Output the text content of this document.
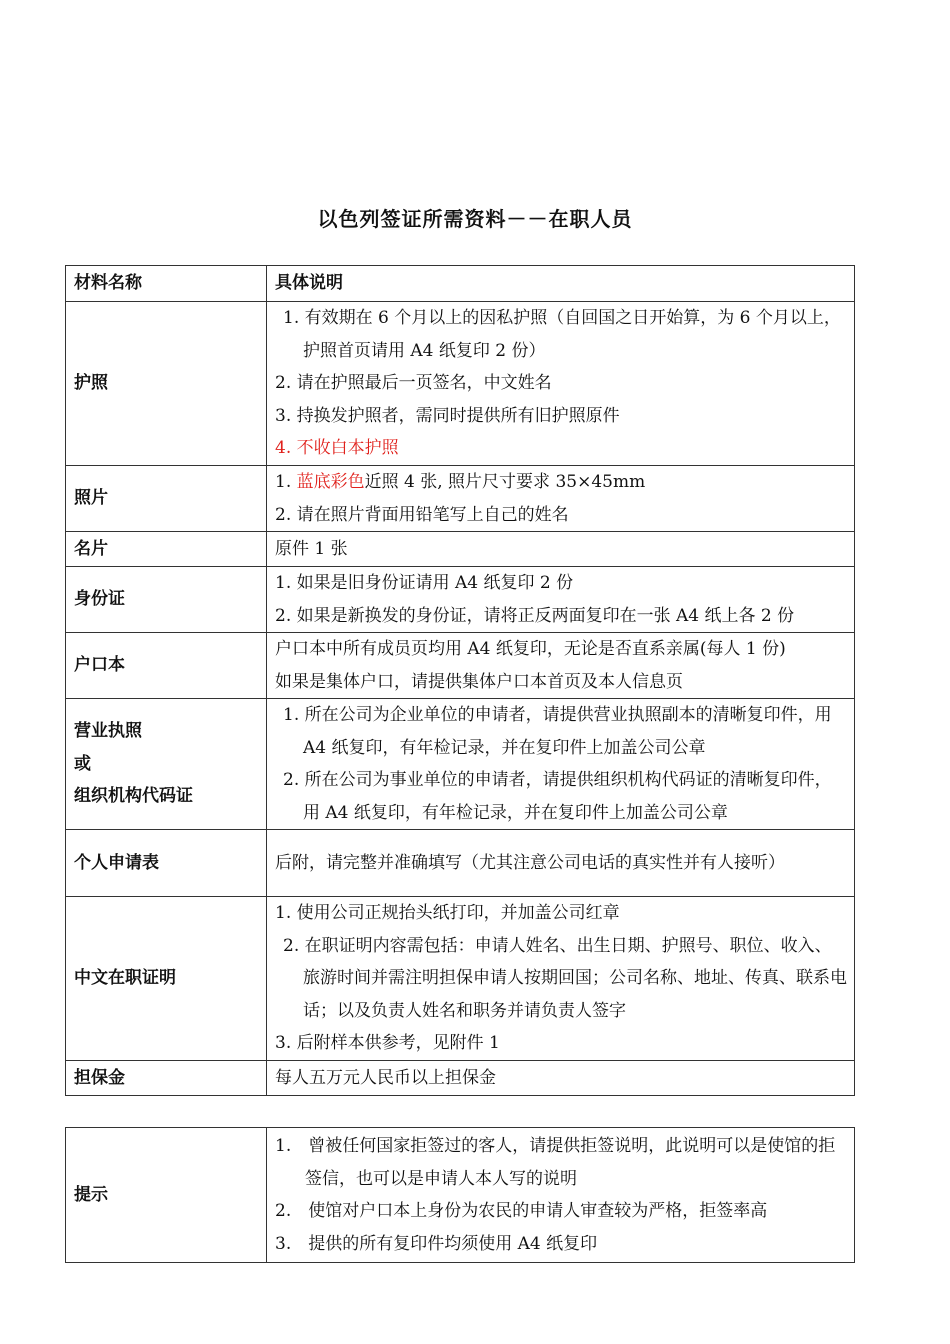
以色列签证所需资料－－在职人员
材料名称	具体说明
护照	1. 有效期在 6 个月以上的因私护照（自回国之日开始算，为 6 个月以上，护照首页请用 A4 纸复印 2 份）
2. 请在护照最后一页签名，中文姓名
3. 持换发护照者，需同时提供所有旧护照原件
4. 不收白本护照

照片	1. 蓝底彩色近照 4 张, 照片尺寸要求 35×45mm
2. 请在照片背面用铅笔写上自己的姓名

名片	原件 1 张
身份证	1. 如果是旧身份证请用 A4 纸复印 2 份
2. 如果是新换发的身份证，请将正反两面复印在一张 A4 纸上各 2 份

户口本	户口本中所有成员页均用 A4 纸复印，无论是否直系亲属(每人 1 份)
如果是集体户口，请提供集体户口本首页及本人信息页

营业执照
或
组织机构代码证	1. 所在公司为企业单位的申请者，请提供营业执照副本的清晰复印件，用 A4 纸复印，有年检记录，并在复印件上加盖公司公章
2. 所在公司为事业单位的申请者，请提供组织机构代码证的清晰复印件，用 A4 纸复印，有年检记录，并在复印件上加盖公司公章

个人申请表	后附，请完整并准确填写（尤其注意公司电话的真实性并有人接听）
中文在职证明	1. 使用公司正规抬头纸打印，并加盖公司红章
2. 在职证明内容需包括：申请人姓名、出生日期、护照号、职位、收入、旅游时间并需注明担保申请人按期回国；公司名称、地址、传真、联系电话；以及负责人姓名和职务并请负责人签字
3. 后附样本供参考，见附件 1

担保金	每人五万元人民币以上担保金
提示	
1.　曾被任何国家拒签过的客人，请提供拒签说明，此说明可以是使馆的拒签信，也可以是申请人本人写的说明
2.　使馆对户口本上身份为农民的申请人审查较为严格，拒签率高
3.　提供的所有复印件均须使用 A4 纸复印
